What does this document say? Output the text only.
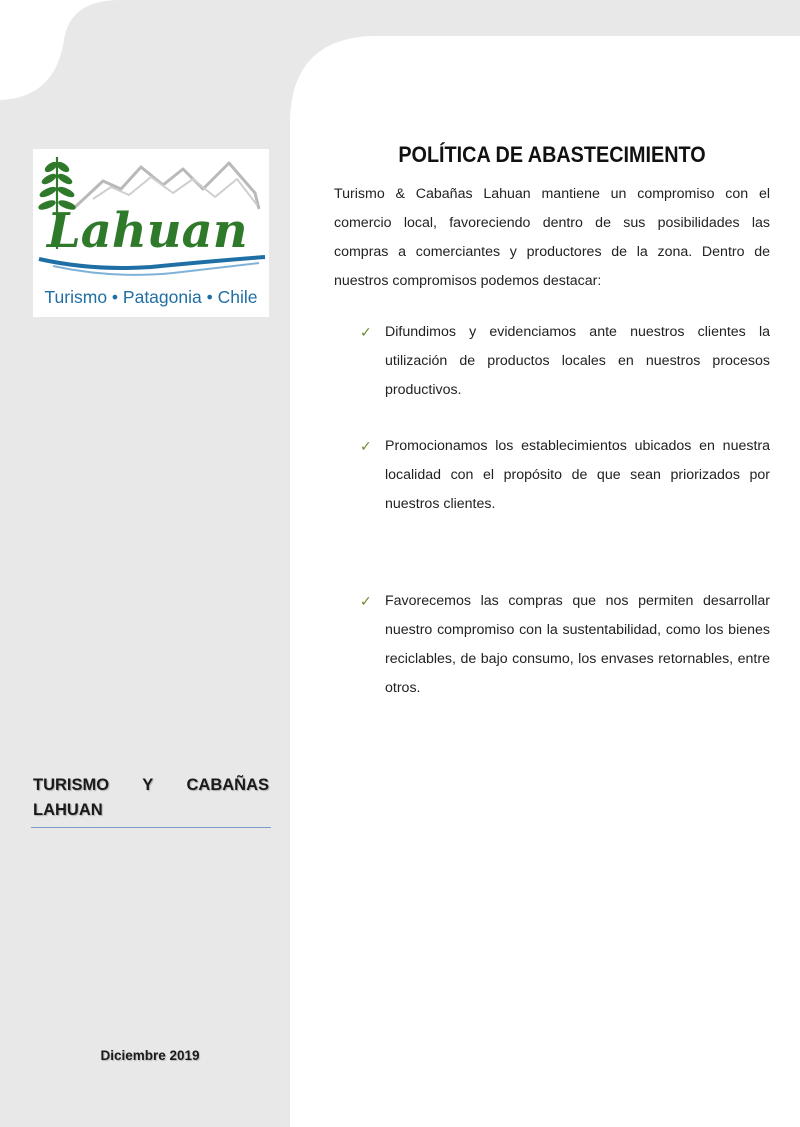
Lahuan
Turismo • Patagonia • Chile
TURISMO Y CABAÑAS LAHUAN
Diciembre 2019
POLÍTICA DE ABASTECIMIENTO

Turismo & Cabañas Lahuan mantiene un compromiso con el comercio local, favoreciendo dentro de sus posibilidades las compras a comerciantes y productores de la zona. Dentro de nuestros compromisos podemos destacar:

✓ Difundimos y evidenciamos ante nuestros clientes la utilización de productos locales en nuestros procesos productivos.

✓ Promocionamos los establecimientos ubicados en nuestra localidad con el propósito de que sean priorizados por nuestros clientes.

✓ Favorecemos las compras que nos permiten desarrollar nuestro compromiso con la sustentabilidad, como los bienes reciclables, de bajo consumo, los envases retornables, entre otros.
